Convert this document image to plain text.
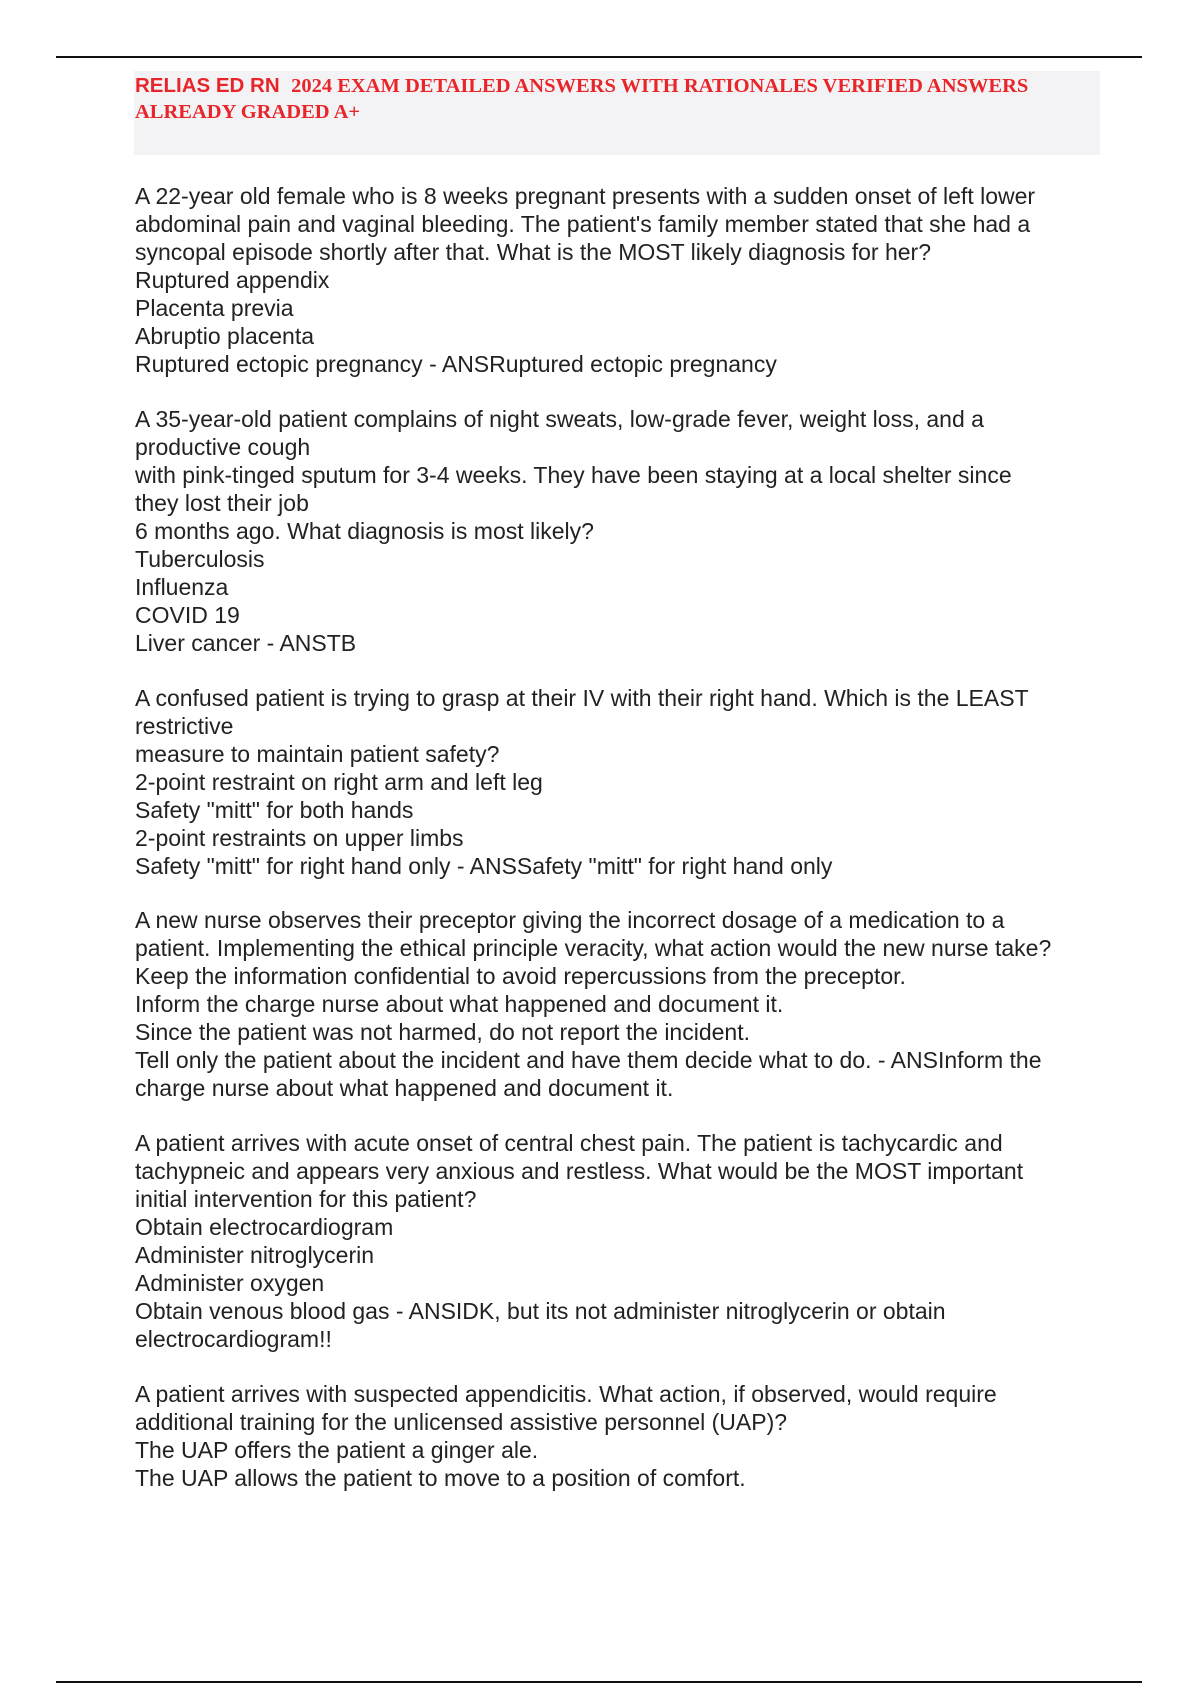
RELIAS ED RN 2024 EXAM DETAILED ANSWERS WITH RATIONALES VERIFIED ANSWERS ALREADY GRADED A+
A 22-year old female who is 8 weeks pregnant presents with a sudden onset of left lower
abdominal pain and vaginal bleeding. The patient's family member stated that she had a
syncopal episode shortly after that. What is the MOST likely diagnosis for her?
Ruptured appendix
Placenta previa
Abruptio placenta
Ruptured ectopic pregnancy - ANSRuptured ectopic pregnancy
A 35-year-old patient complains of night sweats, low-grade fever, weight loss, and a
productive cough
with pink-tinged sputum for 3-4 weeks. They have been staying at a local shelter since
they lost their job
6 months ago. What diagnosis is most likely?
Tuberculosis
Influenza
COVID 19
Liver cancer - ANSTB
A confused patient is trying to grasp at their IV with their right hand. Which is the LEAST
restrictive
measure to maintain patient safety?
2-point restraint on right arm and left leg
Safety "mitt" for both hands
2-point restraints on upper limbs
Safety "mitt" for right hand only - ANSSafety "mitt" for right hand only
A new nurse observes their preceptor giving the incorrect dosage of a medication to a
patient. Implementing the ethical principle veracity, what action would the new nurse take?
Keep the information confidential to avoid repercussions from the preceptor.
Inform the charge nurse about what happened and document it.
Since the patient was not harmed, do not report the incident.
Tell only the patient about the incident and have them decide what to do. - ANSInform the
charge nurse about what happened and document it.
A patient arrives with acute onset of central chest pain. The patient is tachycardic and
tachypneic and appears very anxious and restless. What would be the MOST important
initial intervention for this patient?
Obtain electrocardiogram
Administer nitroglycerin
Administer oxygen
Obtain venous blood gas - ANSIDK, but its not administer nitroglycerin or obtain
electrocardiogram!!
A patient arrives with suspected appendicitis. What action, if observed, would require
additional training for the unlicensed assistive personnel (UAP)?
The UAP offers the patient a ginger ale.
The UAP allows the patient to move to a position of comfort.
